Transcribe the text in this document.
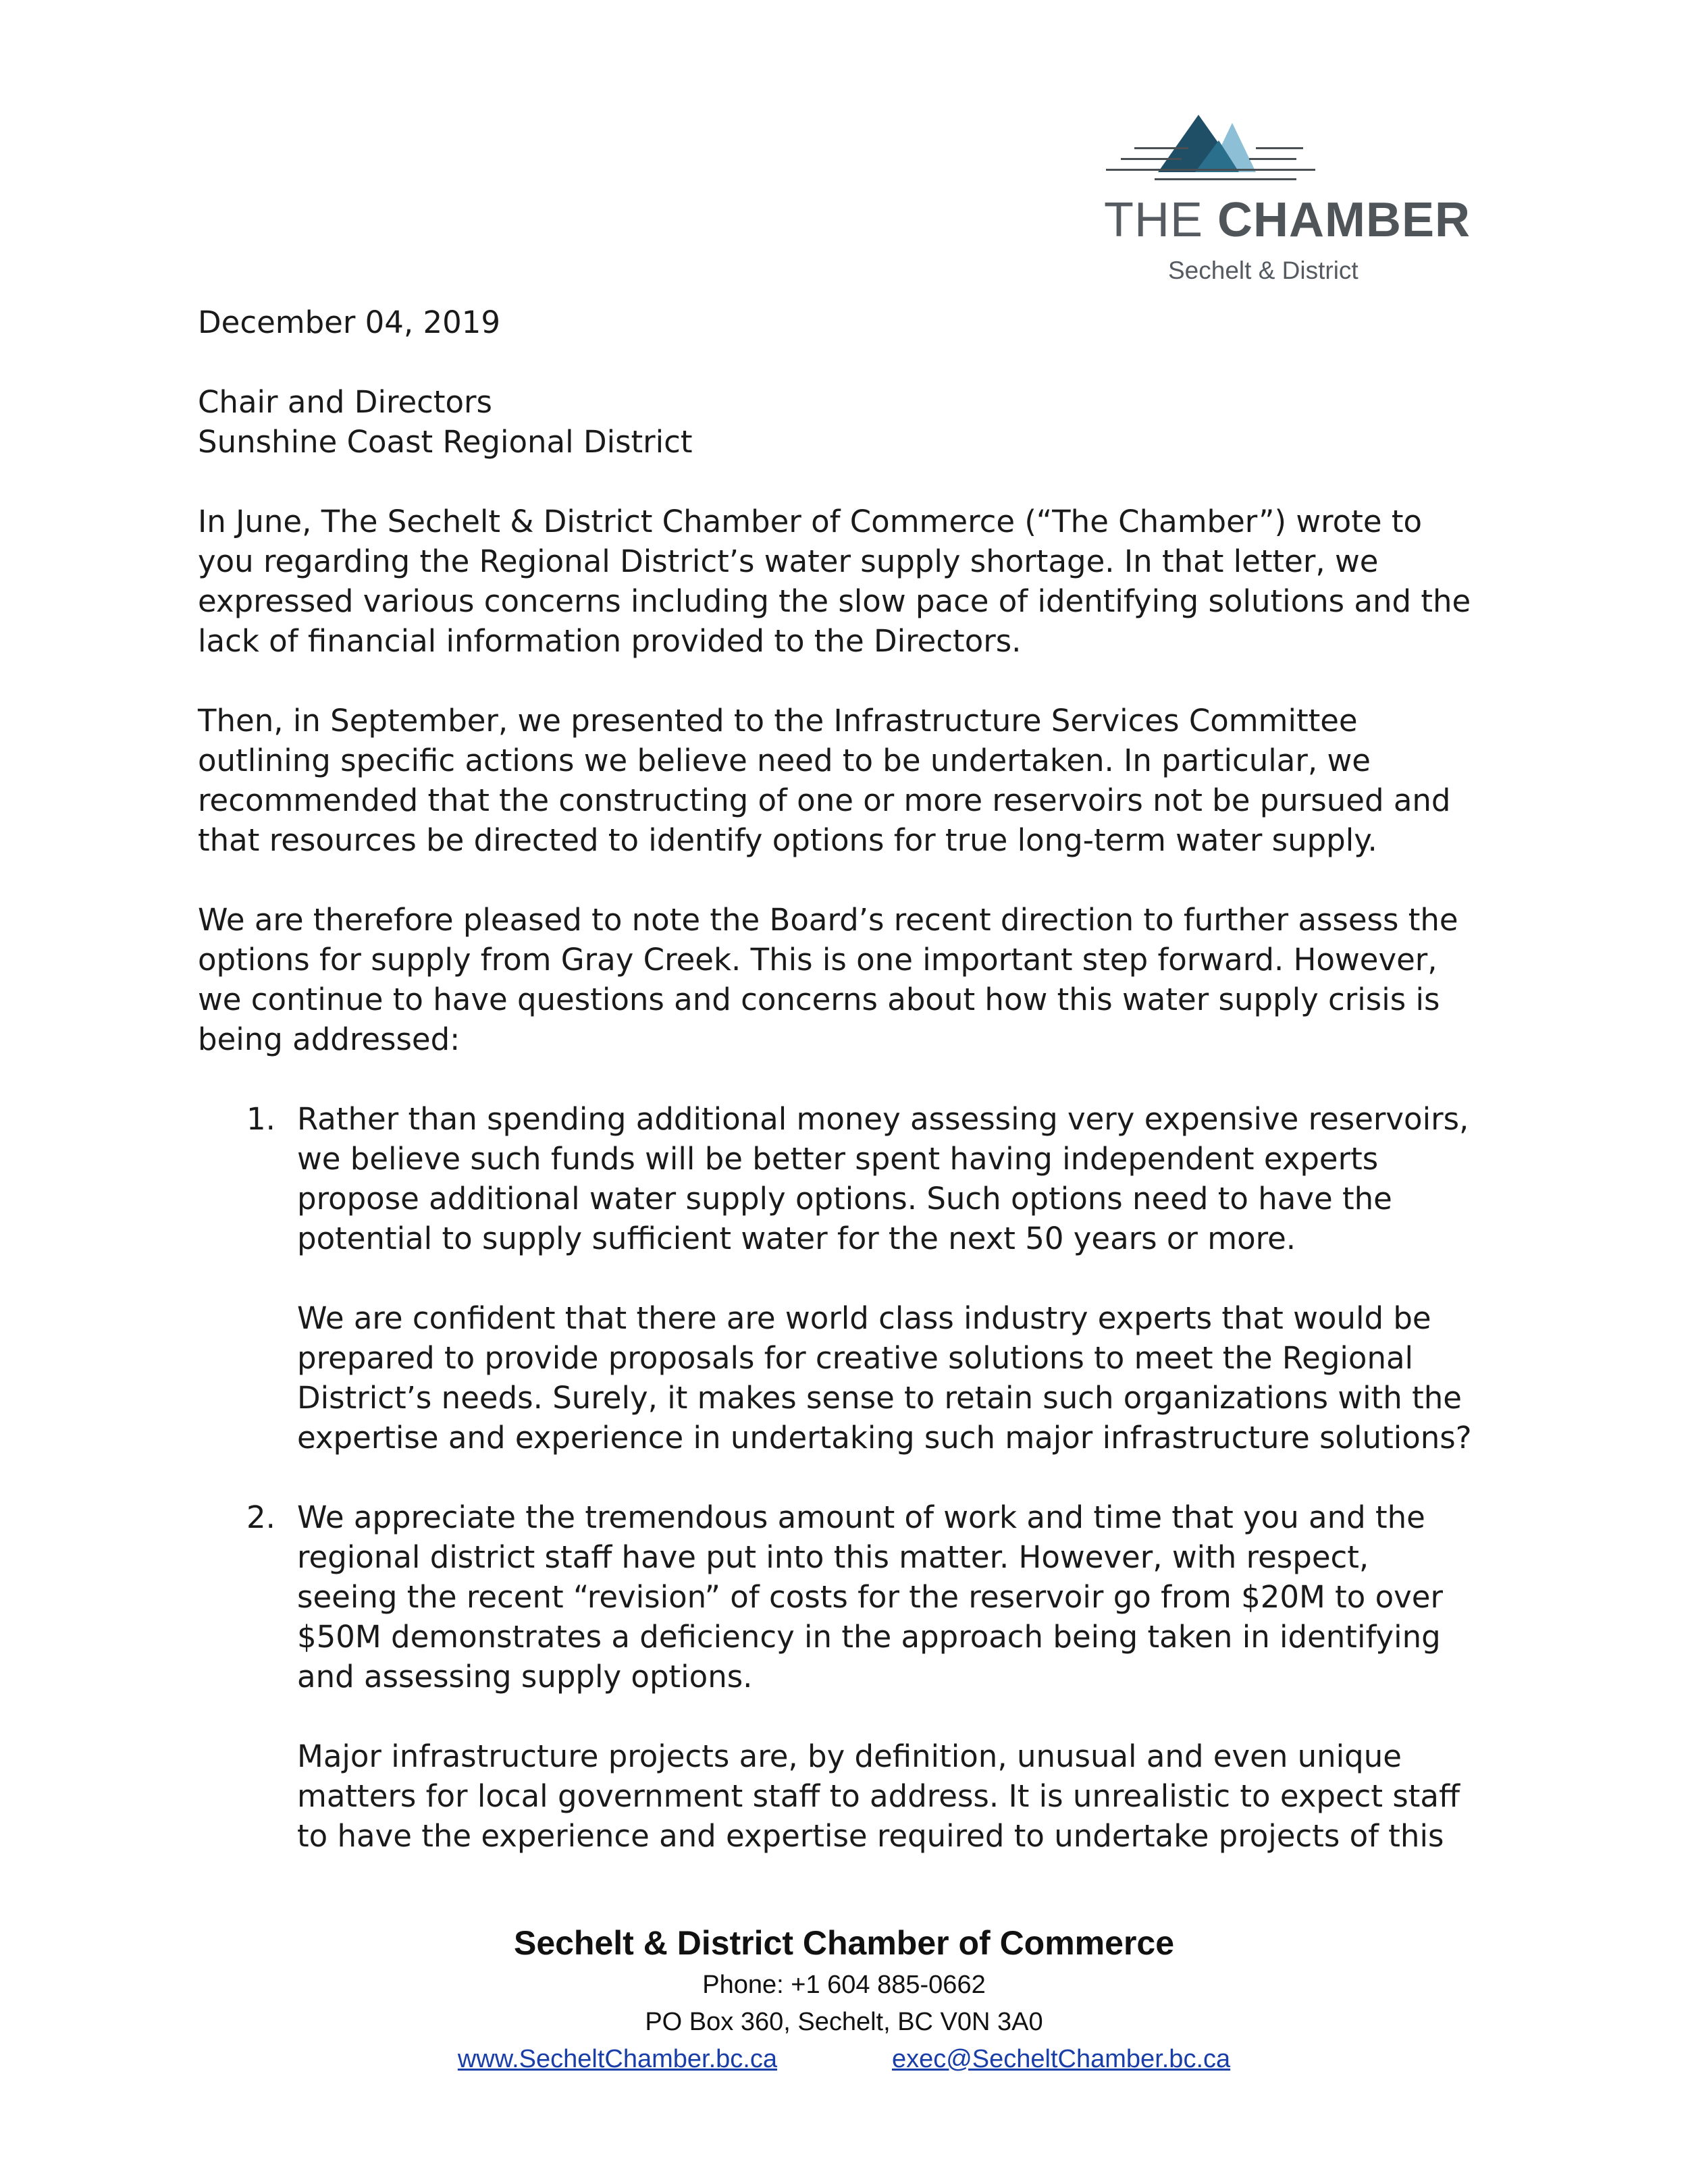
THE CHAMBER
Sechelt & District

December 04, 2019

Chair and Directors
Sunshine Coast Regional District

In June, The Sechelt & District Chamber of Commerce (“The Chamber”) wrote to
you regarding the Regional District’s water supply shortage. In that letter, we
expressed various concerns including the slow pace of identifying solutions and the
lack of financial information provided to the Directors.

Then, in September, we presented to the Infrastructure Services Committee
outlining specific actions we believe need to be undertaken. In particular, we
recommended that the constructing of one or more reservoirs not be pursued and
that resources be directed to identify options for true long-term water supply.

We are therefore pleased to note the Board’s recent direction to further assess the
options for supply from Gray Creek. This is one important step forward. However,
we continue to have questions and concerns about how this water supply crisis is
being addressed:

1. Rather than spending additional money assessing very expensive reservoirs,
we believe such funds will be better spent having independent experts
propose additional water supply options. Such options need to have the
potential to supply sufficient water for the next 50 years or more.

We are confident that there are world class industry experts that would be
prepared to provide proposals for creative solutions to meet the Regional
District’s needs. Surely, it makes sense to retain such organizations with the
expertise and experience in undertaking such major infrastructure solutions?

2. We appreciate the tremendous amount of work and time that you and the
regional district staff have put into this matter. However, with respect,
seeing the recent “revision” of costs for the reservoir go from $20M to over
$50M demonstrates a deficiency in the approach being taken in identifying
and assessing supply options.

Major infrastructure projects are, by definition, unusual and even unique
matters for local government staff to address. It is unrealistic to expect staff
to have the experience and expertise required to undertake projects of this

Sechelt & District Chamber of Commerce
Phone: +1 604 885-0662
PO Box 360, Sechelt, BC V0N 3A0
www.SecheltChamber.bc.ca	exec@SecheltChamber.bc.ca
